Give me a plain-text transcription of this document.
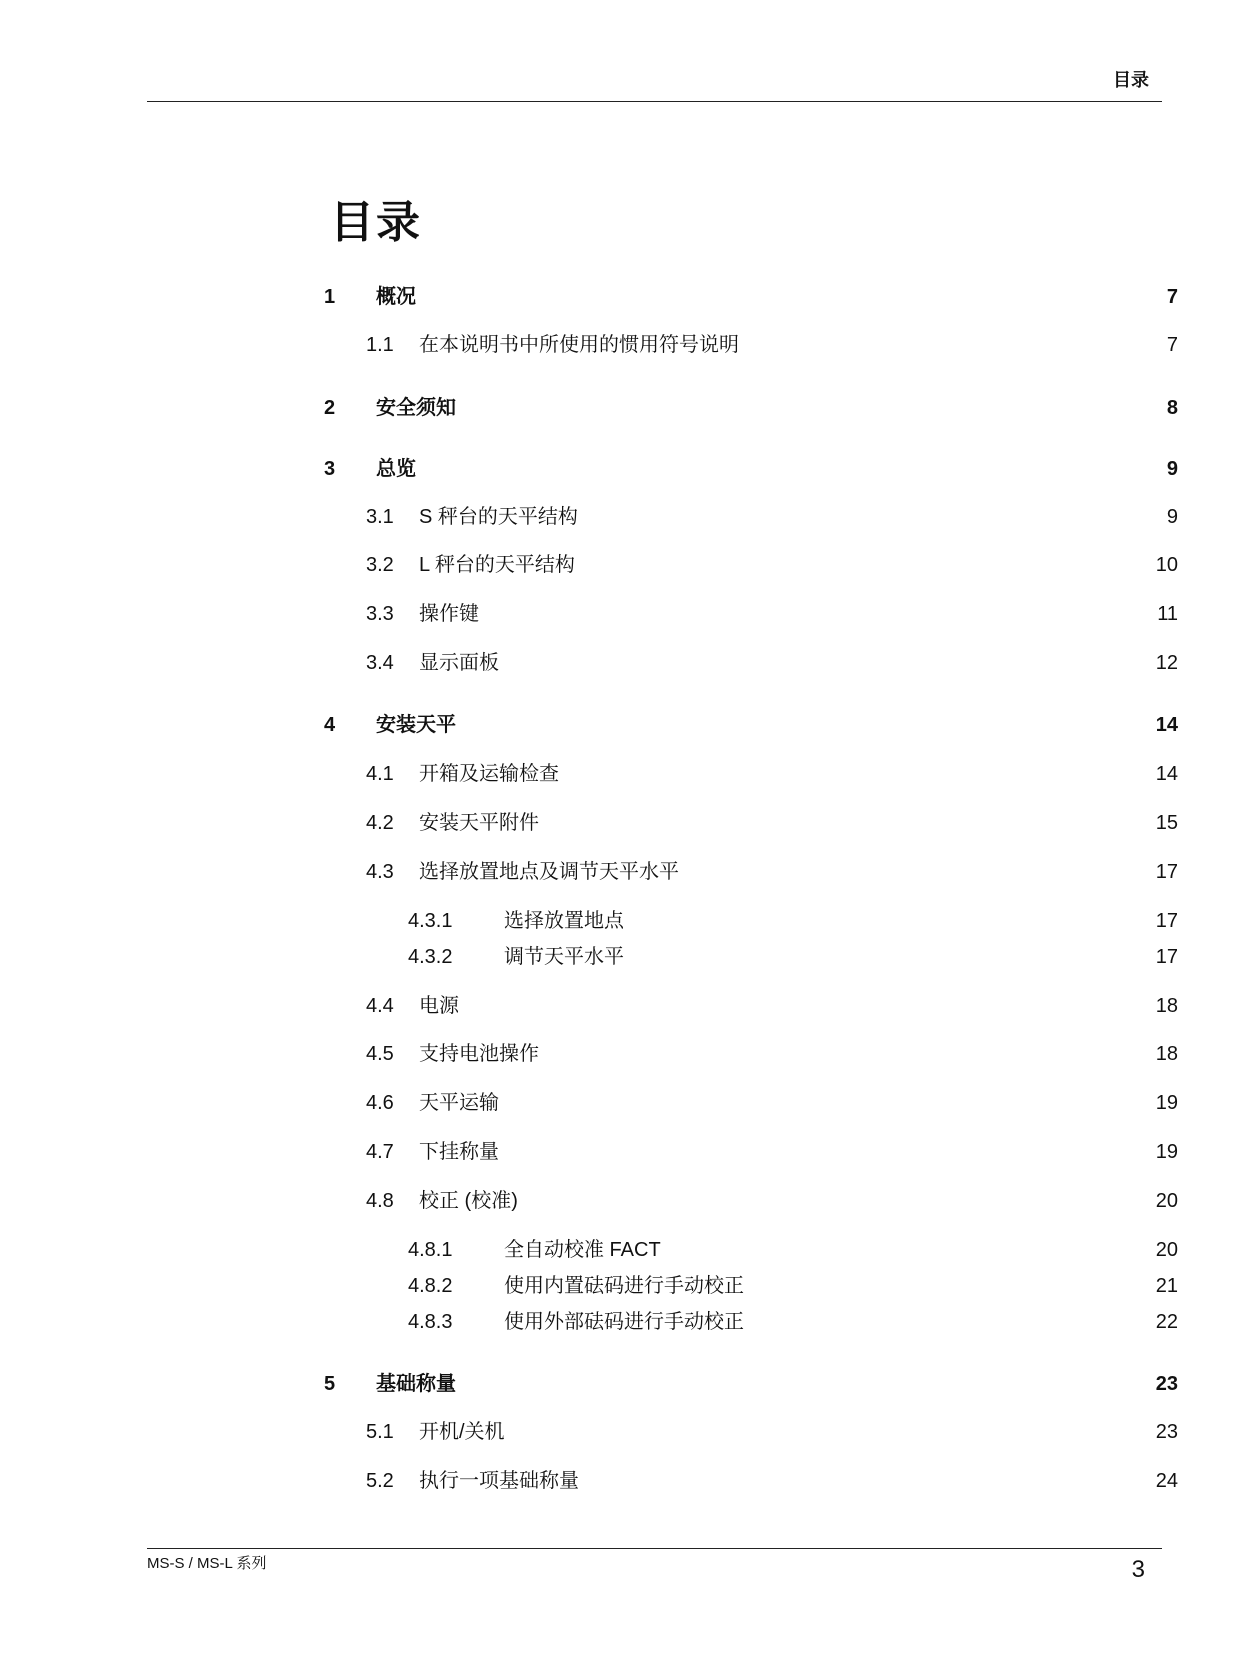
目录
目录
1 概况	7
1.1 在本说明书中所使用的惯用符号说明	7
2 安全须知	8
3 总览	9
3.1 S 秤台的天平结构	9
3.2 L 秤台的天平结构	10
3.3 操作键	11
3.4 显示面板	12
4 安装天平	14
4.1 开箱及运输检查	14
4.2 安装天平附件	15
4.3 选择放置地点及调节天平水平	17
4.3.1	选择放置地点	17
4.3.2	调节天平水平	17
4.4 电源	18
4.5 支持电池操作	18
4.6 天平运输	19
4.7 下挂称量	19
4.8 校正 (校准)	20
4.8.1	全自动校准 FACT	20
4.8.2	使用内置砝码进行手动校正	21
4.8.3	使用外部砝码进行手动校正	22
5 基础称量	23
5.1 开机/关机	23
5.2 执行一项基础称量	24
MS-S / MS-L 系列	3
